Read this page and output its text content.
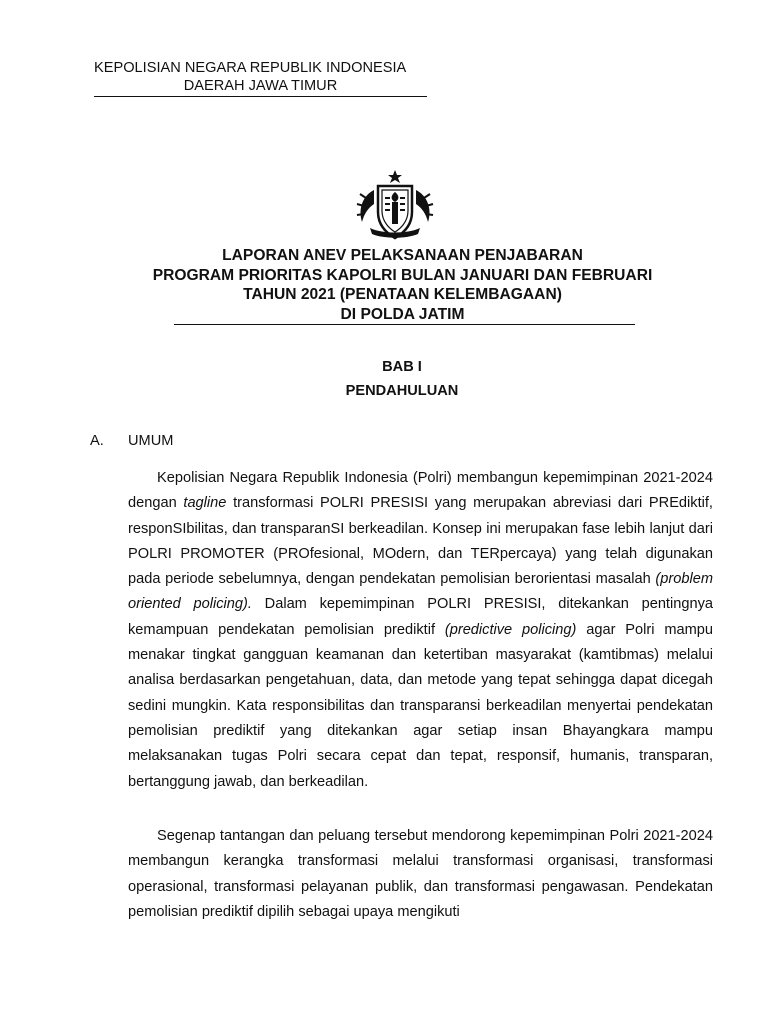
KEPOLISIAN NEGARA REPUBLIK INDONESIA
DAERAH JAWA TIMUR
LAPORAN ANEV PELAKSANAAN PENJABARAN
PROGRAM PRIORITAS KAPOLRI BULAN JANUARI DAN FEBRUARI
TAHUN 2021 (PENATAAN KELEMBAGAAN)
DI POLDA JATIM
BAB I
PENDAHULUAN
A. UMUM

Kepolisian Negara Republik Indonesia (Polri) membangun kepemimpinan 2021-2024 dengan tagline transformasi POLRI PRESISI yang merupakan abreviasi dari PREdiktif, responSIbilitas, dan transparanSI berkeadilan. Konsep ini merupakan fase lebih lanjut dari POLRI PROMOTER (PROfesional, MOdern, dan TERpercaya) yang telah digunakan pada periode sebelumnya, dengan pendekatan pemolisian berorientasi masalah (problem oriented policing). Dalam kepemimpinan POLRI PRESISI, ditekankan pentingnya kemampuan pendekatan pemolisian prediktif (predictive policing) agar Polri mampu menakar tingkat gangguan keamanan dan ketertiban masyarakat (kamtibmas) melalui analisa berdasarkan pengetahuan, data, dan metode yang tepat sehingga dapat dicegah sedini mungkin. Kata responsibilitas dan transparansi berkeadilan menyertai pendekatan pemolisian prediktif yang ditekankan agar setiap insan Bhayangkara mampu melaksanakan tugas Polri secara cepat dan tepat, responsif, humanis, transparan, bertanggung jawab, dan berkeadilan.

Segenap tantangan dan peluang tersebut mendorong kepemimpinan Polri 2021-2024 membangun kerangka transformasi melalui transformasi organisasi, transformasi operasional, transformasi pelayanan publik, dan transformasi pengawasan. Pendekatan pemolisian prediktif dipilih sebagai upaya mengikuti
